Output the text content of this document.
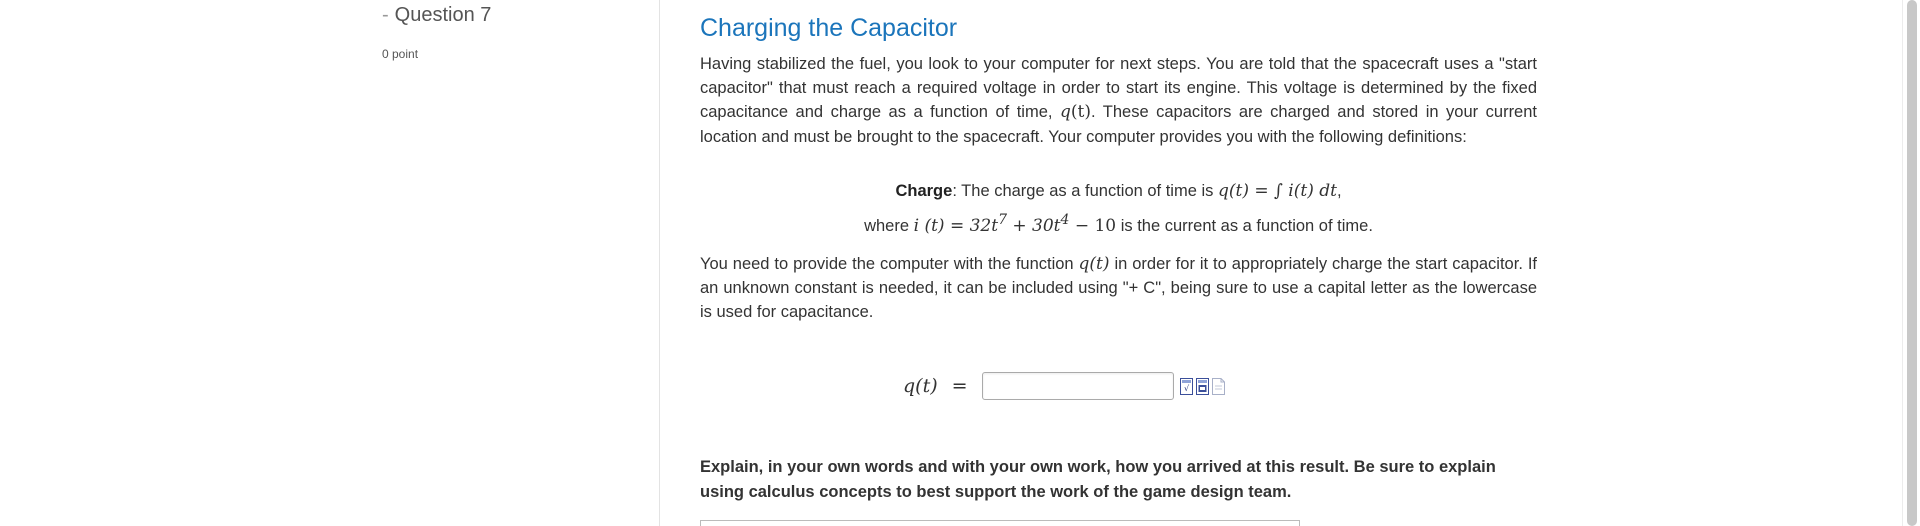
- Question 7
0 point
Charging the Capacitor

Having stabilized the fuel, you look to your computer for next steps. You are told that the spacecraft uses a "start capacitor" that must reach a required voltage in order to start its engine. This voltage is determined by the fixed capacitance and charge as a function of time, q(t). These capacitors are charged and stored in your current location and must be brought to the spacecraft. Your computer provides you with the following definitions:

Charge: The charge as a function of time is q(t) = ∫ i(t) dt,
where i $(t) = 32t^7 + 30t^4 - 10$ is the current as a function of time.

You need to provide the computer with the function q(t) in order for it to appropriately charge the start capacitor. If an unknown constant is needed, it can be included using "+ C", being sure to use a capital letter as the lowercase is used for capacitance.

q(t) =	√

Explain, in your own words and with your own work, how you arrived at this result. Be sure to explain using calculus concepts to best support the work of the game design team.
